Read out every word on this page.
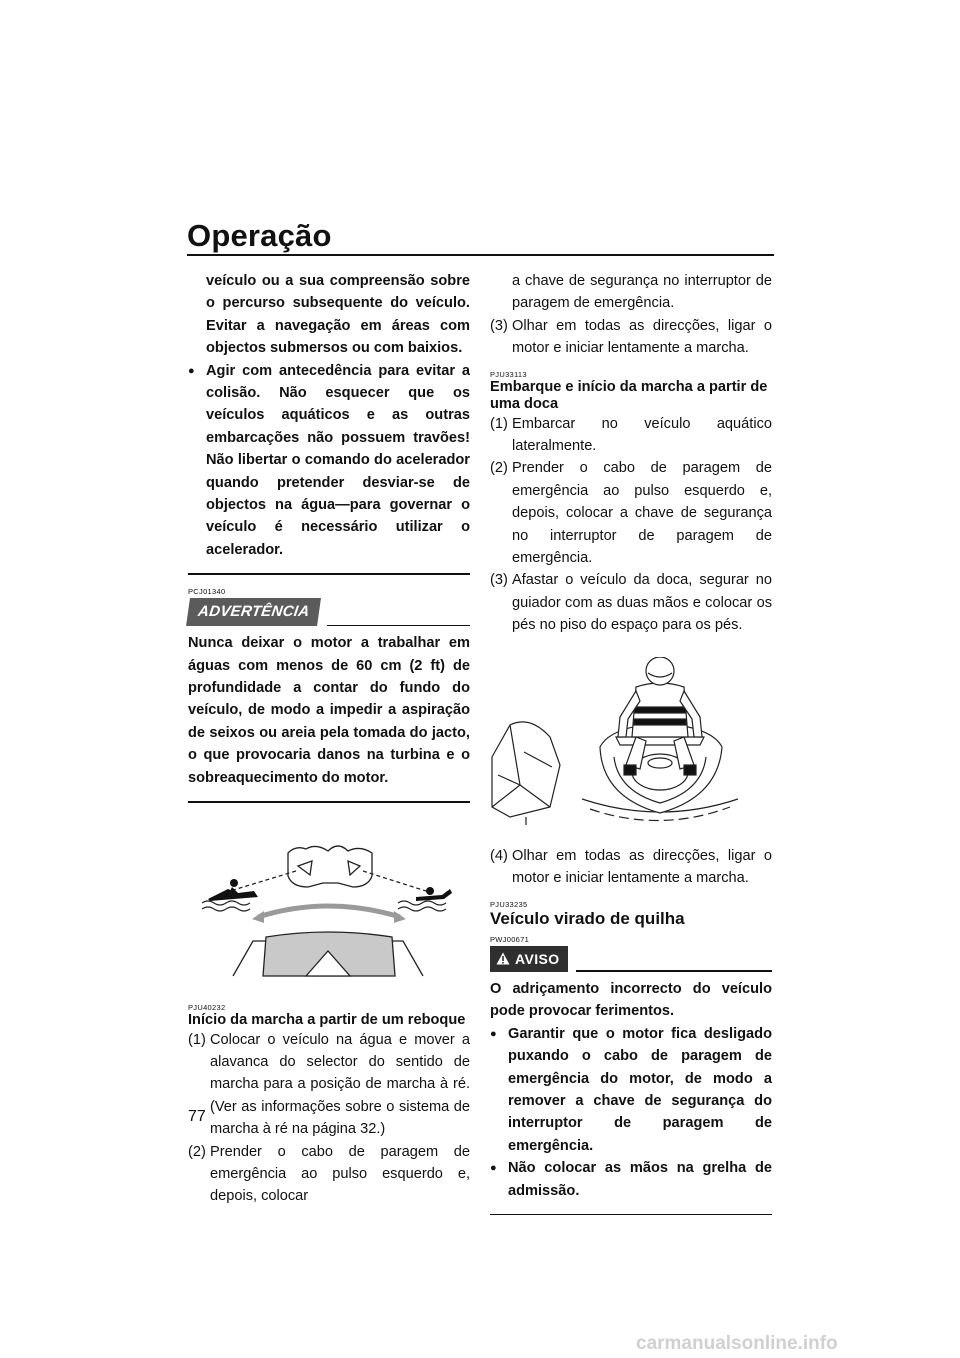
Operação
veículo ou a sua compreensão sobre o percurso subsequente do veículo. Evitar a navegação em áreas com objectos submersos ou com baixios.
● Agir com antecedência para evitar a colisão. Não esquecer que os veículos aquáticos e as outras embarcações não possuem travões! Não libertar o comando do acelerador quando pretender desviar-se de objectos na água—para governar o veículo é necessário utilizar o acelerador.
PCJ01340
ADVERTÊNCIA
Nunca deixar o motor a trabalhar em águas com menos de 60 cm (2 ft) de profundidade a contar do fundo do veículo, de modo a impedir a aspiração de seixos ou areia pela tomada do jacto, o que provocaria danos na turbina e o sobreaquecimento do motor.
PJU40232
Início da marcha a partir de um reboque
(1) Colocar o veículo na água e mover a alavanca do selector do sentido de marcha para a posição de marcha à ré. (Ver as informações sobre o sistema de marcha à ré na página 32.)
(2) Prender o cabo de paragem de emergência ao pulso esquerdo e, depois, colocar
a chave de segurança no interruptor de paragem de emergência.
(3) Olhar em todas as direcções, ligar o motor e iniciar lentamente a marcha.
PJU33113
Embarque e início da marcha a partir de uma doca
(1) Embarcar no veículo aquático lateralmente.
(2) Prender o cabo de paragem de emergência ao pulso esquerdo e, depois, colocar a chave de segurança no interruptor de paragem de emergência.
(3) Afastar o veículo da doca, segurar no guiador com as duas mãos e colocar os pés no piso do espaço para os pés.
(4) Olhar em todas as direcções, ligar o motor e iniciar lentamente a marcha.
PJU33235
Veículo virado de quilha
PWJ00671
AVISO
O adriçamento incorrecto do veículo pode provocar ferimentos.
● Garantir que o motor fica desligado puxando o cabo de paragem de emergência do motor, de modo a remover a chave de segurança do interruptor de paragem de emergência.
● Não colocar as mãos na grelha de admissão.
77
carmanualsonline.info
